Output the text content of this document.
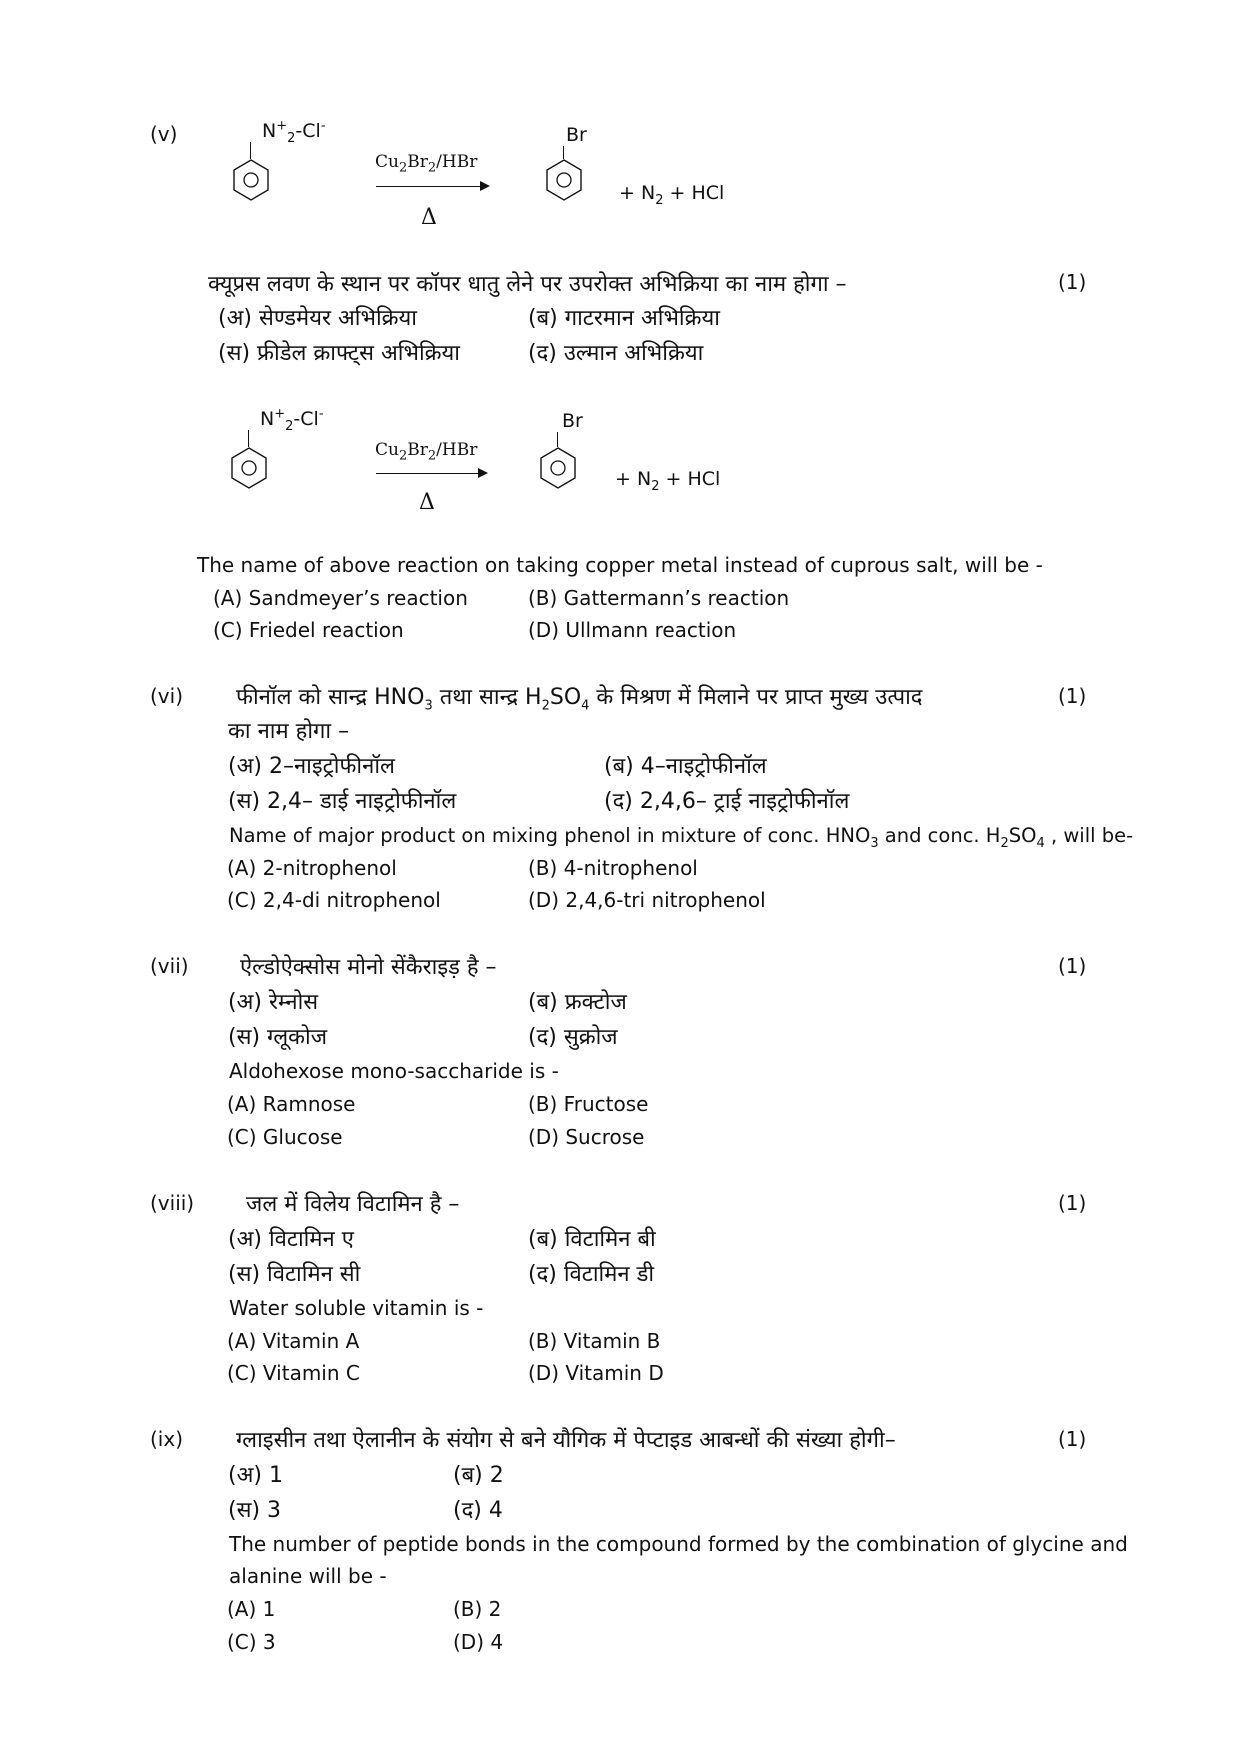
(v)	$N^+_2-Cl^-$
$Cu_2Br_2$/HBr
Δ
Br
+ $N_2$ + HCl
क्यूप्रस लवण के स्थान पर कॉपर धातु लेने पर उपरोक्त अभिक्रिया का नाम होगा –	(1)
(अ) सेण्डमेयर अभिक्रिया	(ब) गाटरमान अभिक्रिया
(स) फ्रीडेल क्राफ्ट्स अभिक्रिया	(द) उल्मान अभिक्रिया
$N^+_2-Cl^-$
$Cu_2Br_2$/HBr
Δ
Br
+ $N_2$ + HCl
The name of above reaction on taking copper metal instead of cuprous salt, will be -
(A) Sandmeyer’s reaction	(B) Gattermann’s reaction
(C) Friedel reaction	(D) Ullmann reaction
(vi) फीनॉल को सान्द्र $HNO_3$ तथा सान्द्र $H_2SO_4$ के मिश्रण में मिलाने पर प्राप्त मुख्य उत्पाद	(1)
का नाम होगा –
(अ) 2–नाइट्रोफीनॉल	(ब) 4–नाइट्रोफीनॉल
(स) 2,4– डाई नाइट्रोफीनॉल	(द) 2,4,6– ट्राई नाइट्रोफीनॉल
Name of major product on mixing phenol in mixture of conc. $HNO_3$ and conc. $H_2SO_4$ , will be-
(A) 2-nitrophenol	(B) 4-nitrophenol
(C) 2,4-di nitrophenol	(D) 2,4,6-tri nitrophenol
(vii) ऐल्डोऐक्सोस मोनो सेंकैराइड़ है –	(1)
(अ) रेम्नोस	(ब) फ्रक्टोज
(स) ग्लूकोज	(द) सुक्रोज
Aldohexose mono-saccharide is -
(A) Ramnose	(B) Fructose
(C) Glucose	(D) Sucrose
(viii) जल में विलेय विटामिन है –	(1)
(अ) विटामिन ए	(ब) विटामिन बी
(स) विटामिन सी	(द) विटामिन डी
Water soluble vitamin is -
(A) Vitamin A	(B) Vitamin B
(C) Vitamin C	(D) Vitamin D
(ix) ग्लाइसीन तथा ऐलानीन के संयोग से बने यौगिक में पेप्टाइड आबन्धों की संख्या होगी–	(1)
(अ) 1	(ब) 2
(स) 3	(द) 4
The number of peptide bonds in the compound formed by the combination of glycine and
alanine will be -
(A) 1	(B) 2
(C) 3	(D) 4
